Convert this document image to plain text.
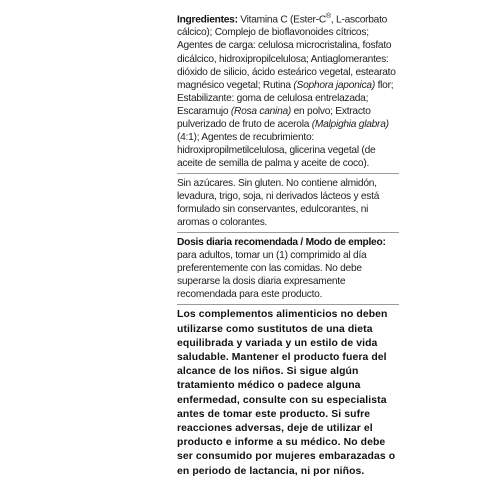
Ingredientes: Vitamina C (Ester-C®, L-ascorbato cálcico); Complejo de bioflavonoides cítricos; Agentes de carga: celulosa microcristalina, fosfato dicálcico, hidroxipropilcelulosa; Antiaglomerantes: dióxido de silicio, ácido esteárico vegetal, estearato magnésico vegetal; Rutina (Sophora japonica) flor; Estabilizante: goma de celulosa entrelazada; Escaramujo (Rosa canina) en polvo; Extracto pulverizado de fruto de acerola (Malpighia glabra) (4:1); Agentes de recubrimiento: hidroxipropilmetilcelulosa, glicerina vegetal (de aceite de semilla de palma y aceite de coco).

Sin azúcares. Sin gluten. No contiene almidón, levadura, trigo, soja, ni derivados lácteos y está formulado sin conservantes, edulcorantes, ni aromas o colorantes.

Dosis diaria recomendada / Modo de empleo: para adultos, tomar un (1) comprimido al día preferentemente con las comidas. No debe superarse la dosis diaria expresamente recomendada para este producto.

Los complementos alimenticios no deben utilizarse como sustitutos de una dieta equilibrada y variada y un estilo de vida saludable. Mantener el producto fuera del alcance de los niños. Si sigue algún tratamiento médico o padece alguna enfermedad, consulte con su especialista antes de tomar este producto. Si sufre reacciones adversas, deje de utilizar el producto e informe a su médico. No debe ser consumido por mujeres embarazadas o en periodo de lactancia, ni por niños.
